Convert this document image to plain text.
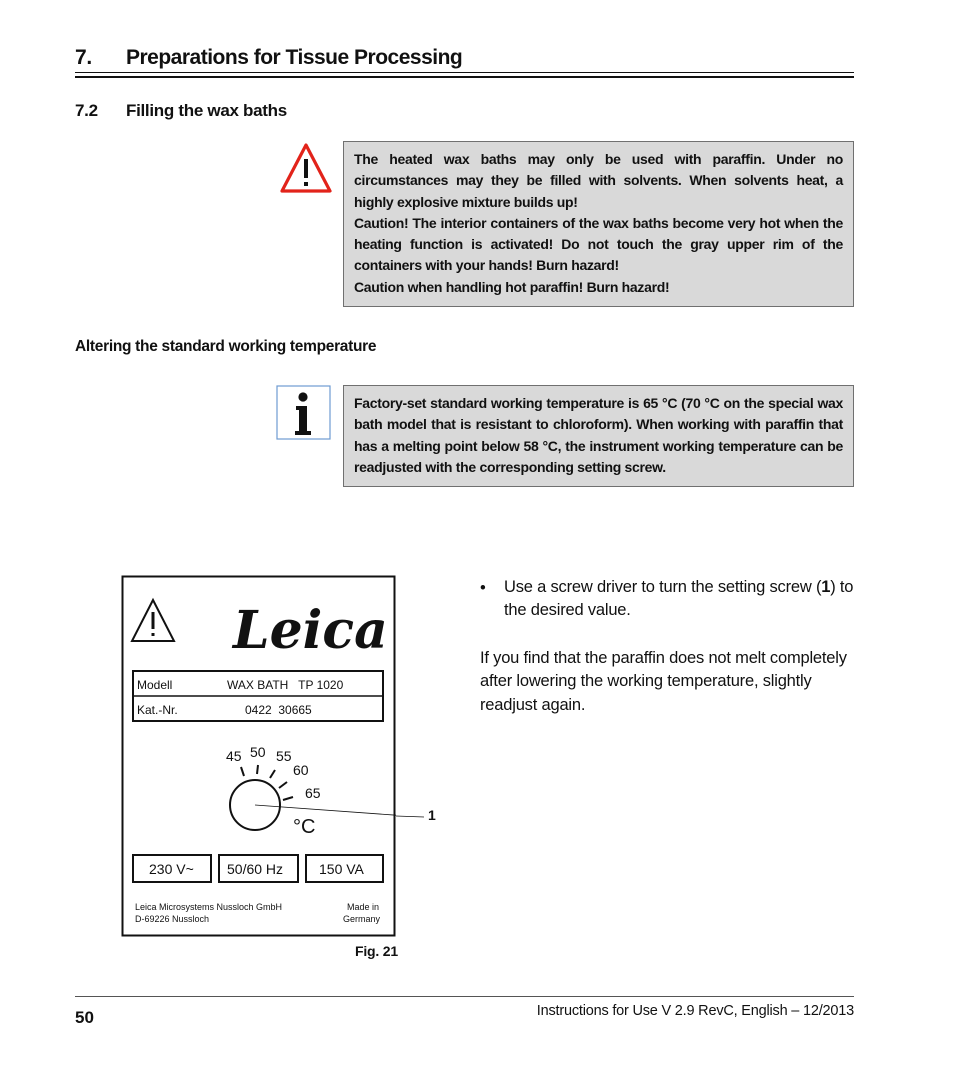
7. Preparations for Tissue Processing
7.2 Filling the wax baths

The heated wax baths may only be used with paraffin. Under no circumstances may they be filled with solvents. When solvents heat, a highly explosive mixture builds up!

Caution! The interior containers of the wax baths become very hot when the heating function is activated! Do not touch the gray upper rim of the containers with your hands! Burn hazard!

Caution when handling hot paraffin! Burn hazard!

Altering the standard working temperature

Factory-set standard working temperature is 65 °C (70 °C on the special wax bath model that is resistant to chloroform). When working with paraffin that has a melting point below 58 °C, the instrument working temperature can be readjusted with the corresponding setting screw.

Leica
Modell	WAX BATH   TP 1020
Kat.-Nr.	0422  30665
45 50 55
60
65
°C
230 V~ 50/60 Hz	150 VA
Leica Microsystems Nussloch GmbH
D-69226 Nussloch
Made in
Germany
1
Fig. 21
• Use a screw driver to turn the setting screw (1) to the desired value.
If you find that the paraffin does not melt completely after lowering the working temperature, slightly readjust again.
50	Instructions for Use V 2.9 RevC, English – 12/2013
